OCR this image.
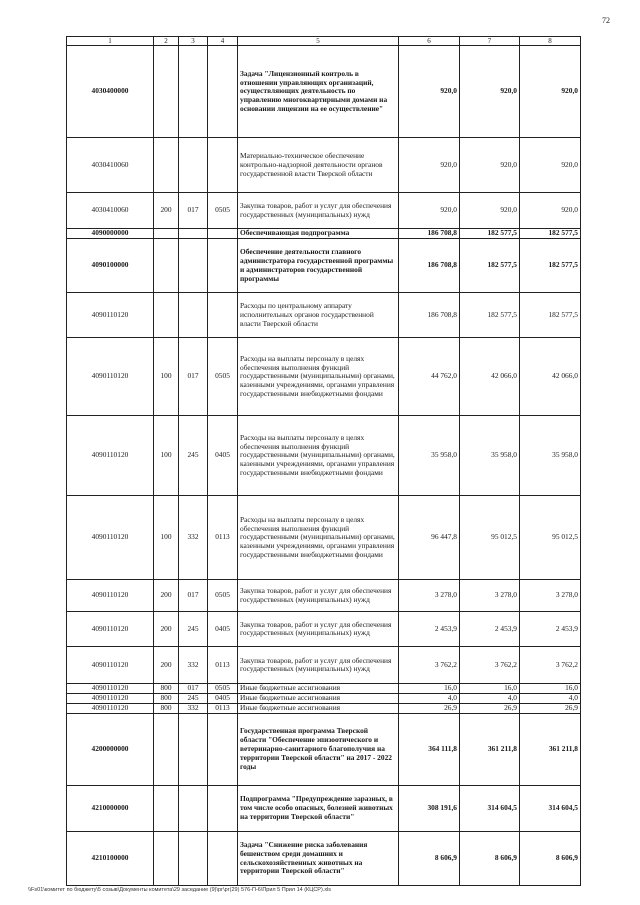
72
1	2	3	4	5	6	7	8
4030400000				Задача "Лицензионный контроль в отношении управляющих организаций, осуществляющих деятельность по управлению многоквартирными домами на основании лицензии на ее осуществление"	920,0	920,0	920,0
4030410060				Материально-техническое обеспечение контрольно-надзорной деятельности органов государственной власти Тверской области	920,0	920,0	920,0
4030410060	200	017	0505	Закупка товаров, работ и услуг для обеспечения государственных (муниципальных) нужд	920,0	920,0	920,0
4090000000				Обеспечивающая подпрограмма	186 708,8	182 577,5	182 577,5
4090100000				Обеспечение деятельности главного администратора государственной программы и администраторов государственной программы	186 708,8	182 577,5	182 577,5
4090110120				Расходы по центральному аппарату исполнительных органов государственной власти Тверской области	186 708,8	182 577,5	182 577,5
4090110120	100	017	0505	Расходы на выплаты персоналу в целях обеспечения выполнения функций государственными (муниципальными) органами, казенными учреждениями, органами управления государственными внебюджетными фондами	44 762,0	42 066,0	42 066,0
4090110120	100	245	0405	Расходы на выплаты персоналу в целях обеспечения выполнения функций государственными (муниципальными) органами, казенными учреждениями, органами управления государственными внебюджетными фондами	35 958,0	35 958,0	35 958,0
4090110120	100	332	0113	Расходы на выплаты персоналу в целях обеспечения выполнения функций государственными (муниципальными) органами, казенными учреждениями, органами управления государственными внебюджетными фондами	96 447,8	95 012,5	95 012,5
4090110120	200	017	0505	Закупка товаров, работ и услуг для обеспечения государственных (муниципальных) нужд	3 278,0	3 278,0	3 278,0
4090110120	200	245	0405	Закупка товаров, работ и услуг для обеспечения государственных (муниципальных) нужд	2 453,9	2 453,9	2 453,9
4090110120	200	332	0113	Закупка товаров, работ и услуг для обеспечения государственных (муниципальных) нужд	3 762,2	3 762,2	3 762,2
4090110120	800	017	0505	Иные бюджетные ассигнования	16,0	16,0	16,0
4090110120	800	245	0405	Иные бюджетные ассигнования	4,0	4,0	4,0
4090110120	800	332	0113	Иные бюджетные ассигнования	26,9	26,9	26,9
4200000000				Государственная программа Тверской области "Обеспечение эпизоотического и ветеринарно-санитарного благополучия на территории Тверской области" на 2017 - 2022 годы	364 111,8	361 211,8	361 211,8
4210000000				Подпрограмма "Предупреждение заразных, в том числе особо опасных, болезней животных на территории Тверской области"	308 191,6	314 604,5	314 604,5
4210100000				Задача "Снижение риска заболевания бешенством среди домашних и сельскохозяйственных животных на территории Тверской области"	8 606,9	8 606,9	8 606,9
\\Fs01\комитет по бюджету\5 созыв\Документы комитета\29 заседание (9)\рг\рг(29) 576-П-6\Прил 5 Прил 14 (КЦСР).xls
